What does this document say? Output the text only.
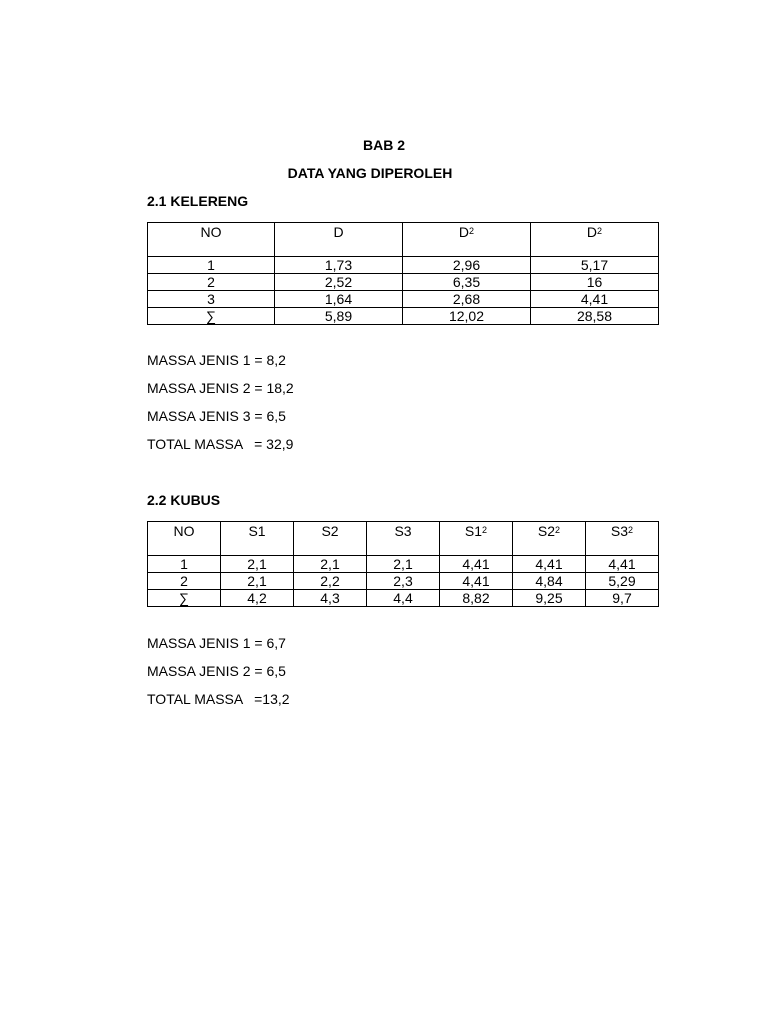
BAB 2
DATA YANG DIPEROLEH
2.1 KELERENG
NO	D	$D^2$	$D^2$
1	1,73	2,96	5,17
2	2,52	6,35	16
3	1,64	2,68	4,41
∑	5,89	12,02	28,58
MASSA JENIS 1 = 8,2
MASSA JENIS 2 = 18,2
MASSA JENIS 3 = 6,5
TOTAL MASSA   = 32,9
2.2 KUBUS
NO	S1	S2	S3	$S1^2$	$S2^2$	$S3^2$
1	2,1	2,1	2,1	4,41	4,41	4,41
2	2,1	2,2	2,3	4,41	4,84	5,29
∑	4,2	4,3	4,4	8,82	9,25	9,7
MASSA JENIS 1 = 6,7
MASSA JENIS 2 = 6,5
TOTAL MASSA   =13,2
